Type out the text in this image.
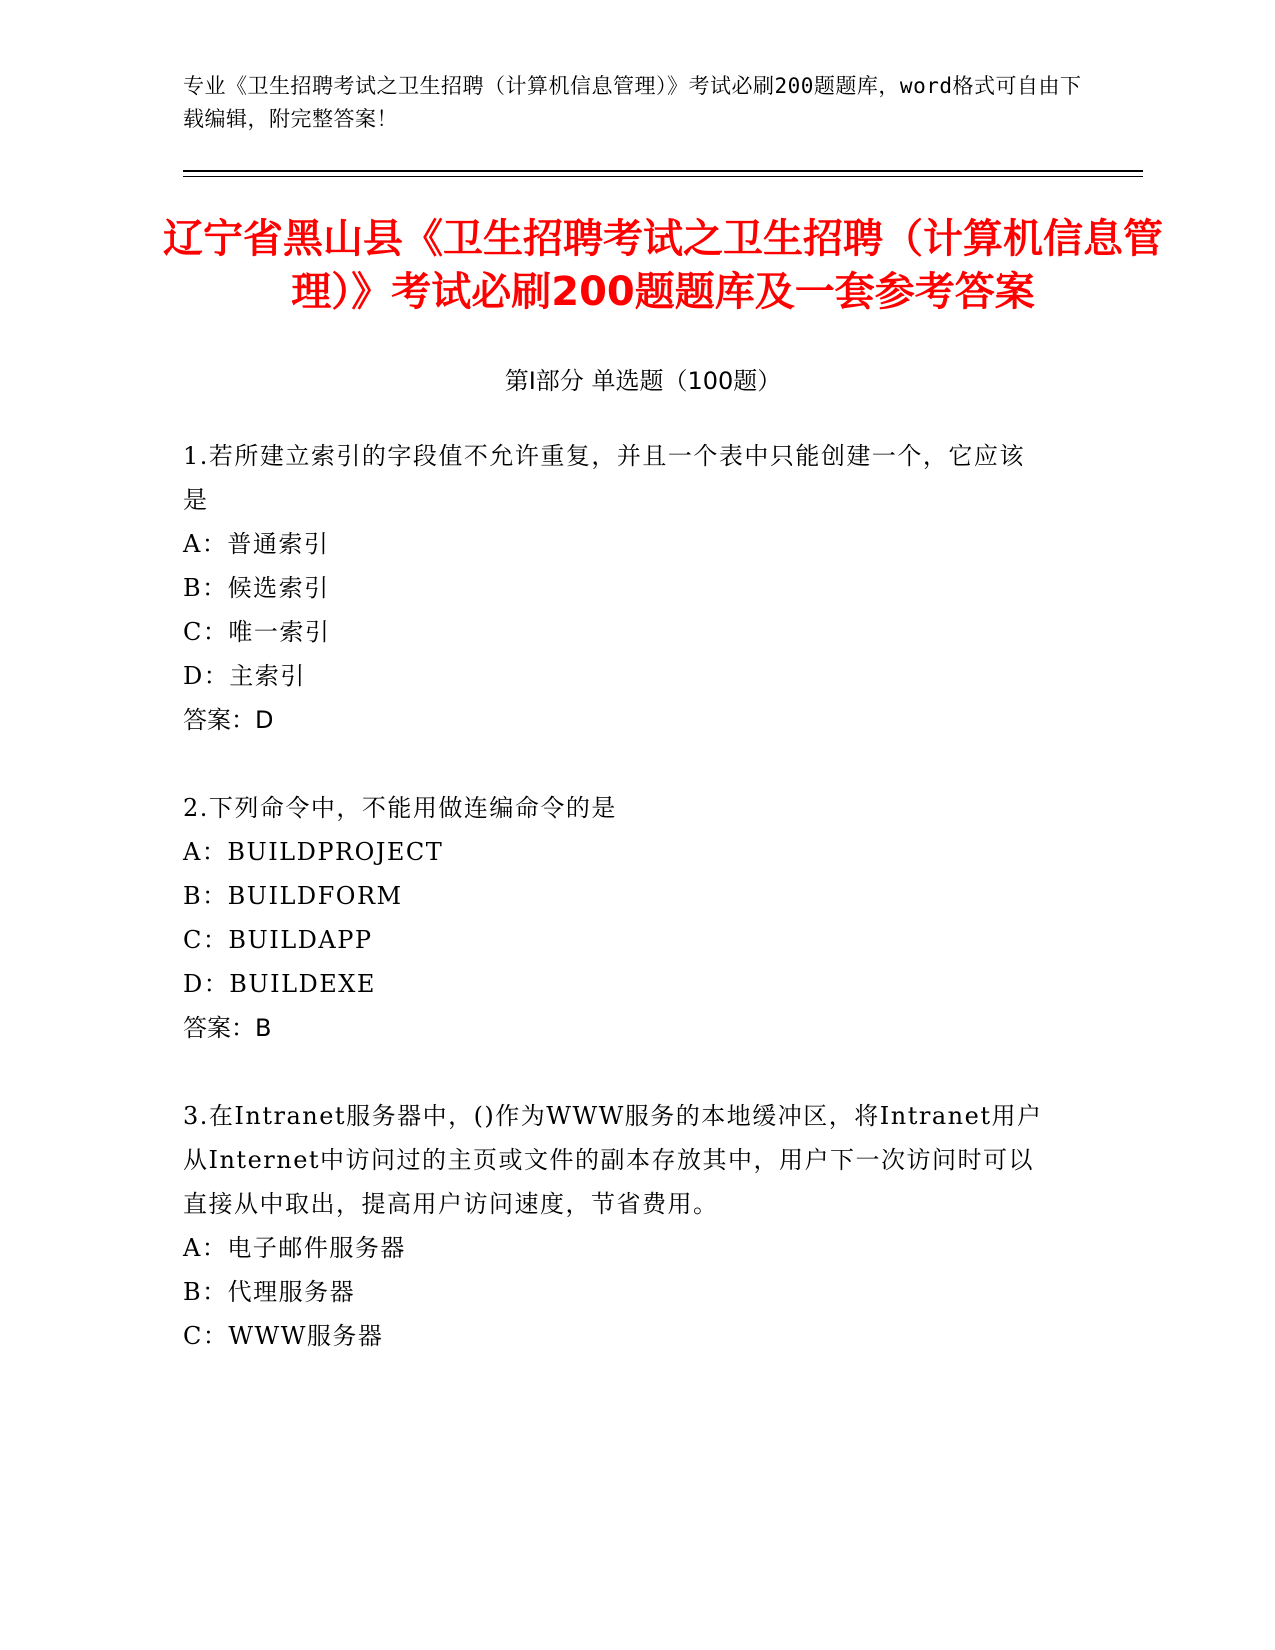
专业《卫生招聘考试之卫生招聘（计算机信息管理）》考试必刷200题题库，word格式可自由下载编辑，附完整答案！

辽宁省黑山县《卫生招聘考试之卫生招聘（计算机信息管理）》考试必刷200题题库及一套参考答案
第Ⅰ部分 单选题（100题）

1.若所建立索引的字段值不允许重复，并且一个表中只能创建一个，它应该是

A：普通索引

B：候选索引

C：唯一索引

D：主索引

答案：D

2.下列命令中，不能用做连编命令的是

A：BUILDPROJECT

B：BUILDFORM

C：BUILDAPP

D：BUILDEXE

答案：B

3.在Intranet服务器中，()作为WWW服务的本地缓冲区，将Intranet用户从Internet中访问过的主页或文件的副本存放其中，用户下一次访问时可以直接从中取出，提高用户访问速度，节省费用。

A：电子邮件服务器

B：代理服务器

C：WWW服务器
